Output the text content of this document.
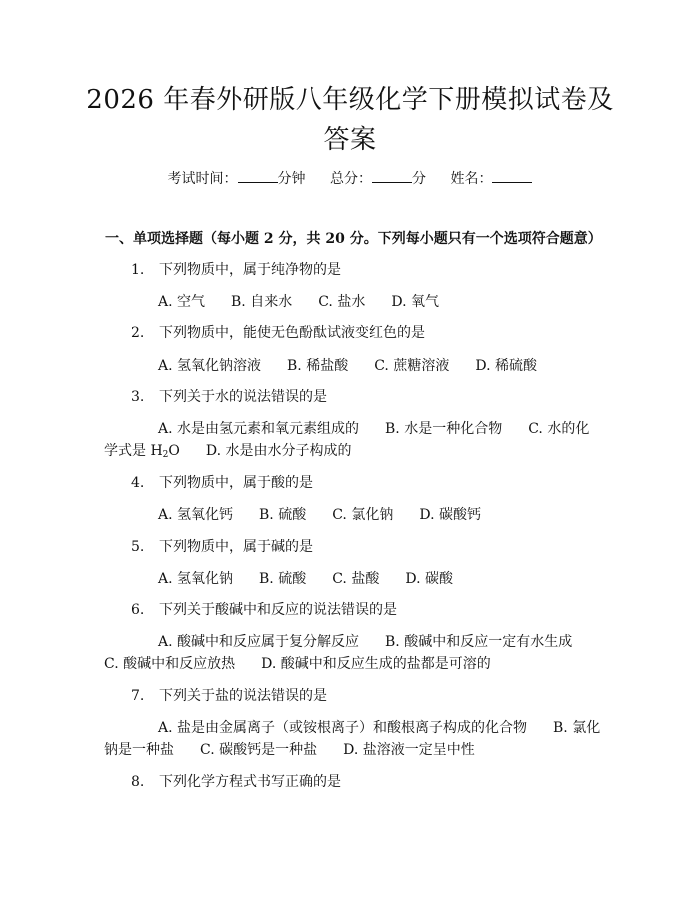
2026 年春外研版八年级化学下册模拟试卷及
答案
考试时间：	分钟 总分：	分 姓名：
一、单项选择题（每小题 2 分，共 20 分。下列每小题只有一个选项符合题意）
1. 下列物质中，属于纯净物的是
A. 空气 B. 自来水 C. 盐水 D. 氧气
2. 下列物质中，能使无色酚酞试液变红色的是
A. 氢氧化钠溶液 B. 稀盐酸 C. 蔗糖溶液 D. 稀硫酸
3. 下列关于水的说法错误的是
A. 水是由氢元素和氧元素组成的 B. 水是一种化合物 C. 水的化
学式是 $H_2O$ D. 水是由水分子构成的
4. 下列物质中，属于酸的是
A. 氢氧化钙 B. 硫酸 C. 氯化钠 D. 碳酸钙
5. 下列物质中，属于碱的是
A. 氢氧化钠 B. 硫酸 C. 盐酸 D. 碳酸
6. 下列关于酸碱中和反应的说法错误的是
A. 酸碱中和反应属于复分解反应 B. 酸碱中和反应一定有水生成
C. 酸碱中和反应放热 D. 酸碱中和反应生成的盐都是可溶的
7. 下列关于盐的说法错误的是
A. 盐是由金属离子（或铵根离子）和酸根离子构成的化合物 B. 氯化
钠是一种盐 C. 碳酸钙是一种盐 D. 盐溶液一定呈中性
8. 下列化学方程式书写正确的是
